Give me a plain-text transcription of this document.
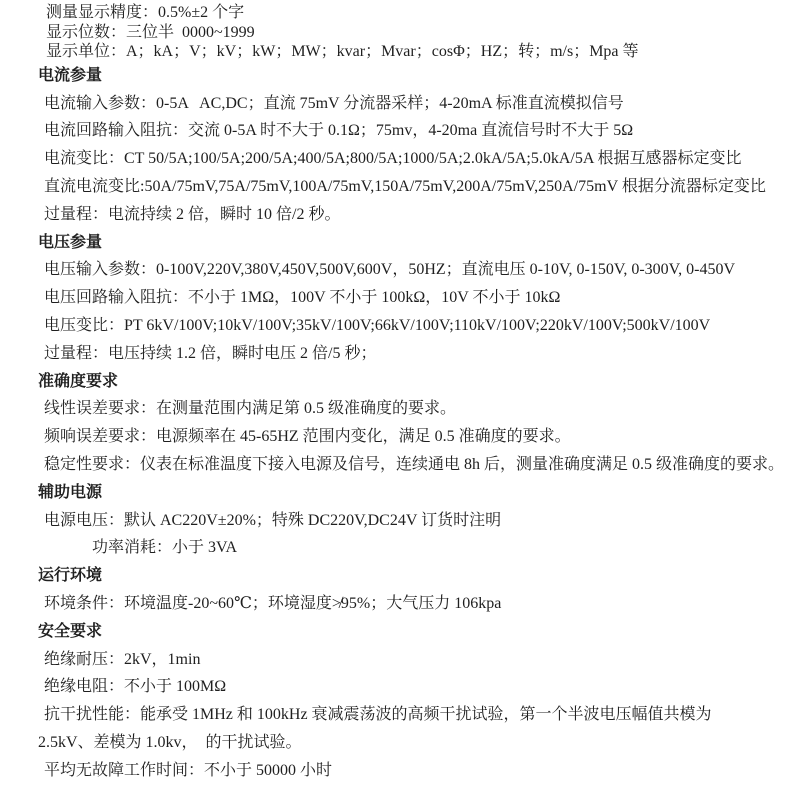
测量显示精度：0.5%±2 个字
显示位数：三位半  0000~1999
显示单位：A；kA；V；kV；kW；MW；kvar；Mvar；cosΦ；HZ；转；m/s；Mpa 等
电流参量
电流输入参数：0-5A   AC,DC；直流 75mV 分流器采样；4-20mA 标准直流模拟信号
电流回路输入阻抗：交流 0-5A 时不大于 0.1Ω；75mv，4-20ma 直流信号时不大于 5Ω
电流变比：CT 50/5A;100/5A;200/5A;400/5A;800/5A;1000/5A;2.0kA/5A;5.0kA/5A 根据互感器标定变比
直流电流变比:50A/75mV,75A/75mV,100A/75mV,150A/75mV,200A/75mV,250A/75mV 根据分流器标定变比
过量程：电流持续 2 倍，瞬时 10 倍/2 秒。
电压参量
电压输入参数：0-100V,220V,380V,450V,500V,600V，50HZ；直流电压 0-10V, 0-150V, 0-300V, 0-450V
电压回路输入阻抗：不小于 1MΩ，100V 不小于 100kΩ，10V 不小于 10kΩ
电压变比：PT 6kV/100V;10kV/100V;35kV/100V;66kV/100V;110kV/100V;220kV/100V;500kV/100V
过量程：电压持续 1.2 倍，瞬时电压 2 倍/5 秒；
准确度要求
线性误差要求：在测量范围内满足第 0.5 级准确度的要求。
频响误差要求：电源频率在 45-65HZ 范围内变化，满足 0.5 准确度的要求。
稳定性要求：仪表在标准温度下接入电源及信号，连续通电 8h 后，测量准确度满足 0.5 级准确度的要求。
辅助电源
电源电压：默认 AC220V±20%；特殊 DC220V,DC24V 订货时注明
功率消耗：小于 3VA
运行环境
环境条件：环境温度-20~60℃；环境湿度≯95%；大气压力 106kpa
安全要求
绝缘耐压：2kV，1min
绝缘电阻：不小于 100MΩ
抗干扰性能：能承受 1MHz 和 100kHz 衰减震荡波的高频干扰试验，第一个半波电压幅值共模为
2.5kV、差模为 1.0kv，  的干扰试验。
平均无故障工作时间：不小于 50000 小时
